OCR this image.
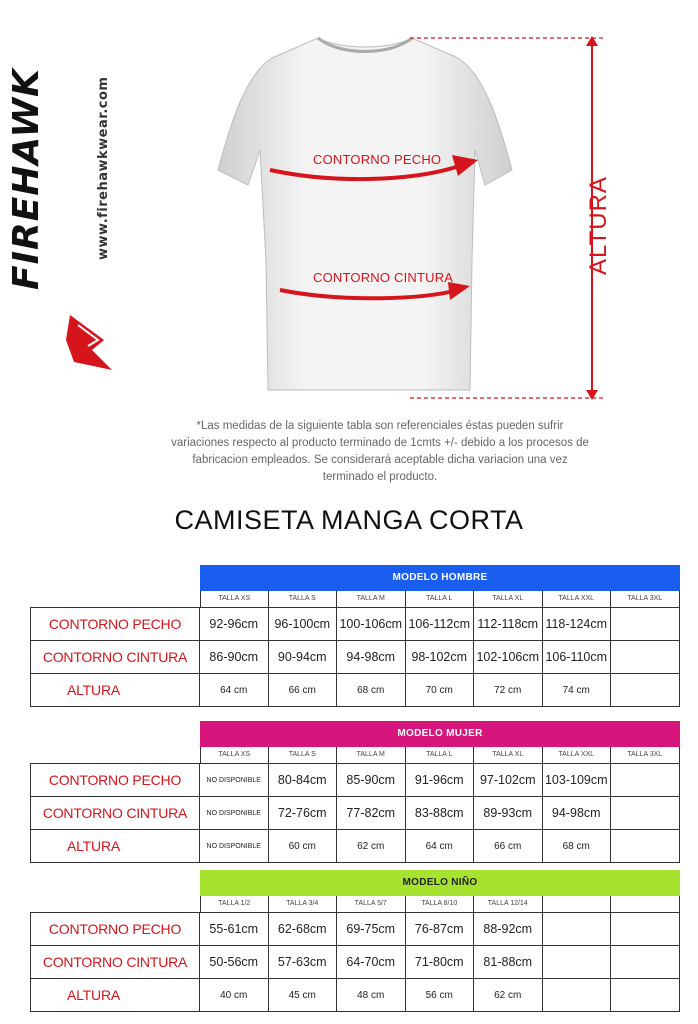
FIREHAWK	www.firehawkwear.com	CONTORNO PECHO
CONTORNO CINTURA
ALTURA
*Las medidas de la siguiente tabla son referenciales éstas pueden sufrir variaciones respecto al producto terminado de 1cmts +/- debido a los procesos de fabricacion empleados. Se considerará aceptable dicha variacion una vez terminado el producto.
CAMISETA MANGA CORTA
MODELO HOMBRE
TALLA XS	TALLA S	TALLA M	TALLA L	TALLA XL	TALLA XXL	TALLA 3XL
CONTORNO PECHO	92-96cm	96-100cm 100-106cm 106-112cm 112-118cm 118-124cm
CONTORNO CINTURA	86-90cm	90-94cm	94-98cm	98-102cm 102-106cm 106-110cm
ALTURA	64 cm	66 cm	68 cm	70 cm	72 cm	74 cm
MODELO MUJER
TALLA XS	TALLA S	TALLA M	TALLA L	TALLA XL	TALLA XXL	TALLA 3XL
CONTORNO PECHO	NO DISPONIBLE	80-84cm	85-90cm	91-96cm	97-102cm 103-109cm
CONTORNO CINTURA	NO DISPONIBLE	72-76cm	77-82cm	83-88cm	89-93cm	94-98cm
ALTURA	NO DISPONIBLE	60 cm	62 cm	64 cm	66 cm	68 cm
MODELO NIÑO
TALLA 1/2	TALLA 3/4	TALLA 5/7	TALLA 8/10	TALLA 12/14
CONTORNO PECHO	55-61cm	62-68cm	69-75cm	76-87cm	88-92cm
CONTORNO CINTURA	50-56cm	57-63cm	64-70cm	71-80cm	81-88cm
ALTURA	40 cm	45 cm	48 cm	56 cm	62 cm
